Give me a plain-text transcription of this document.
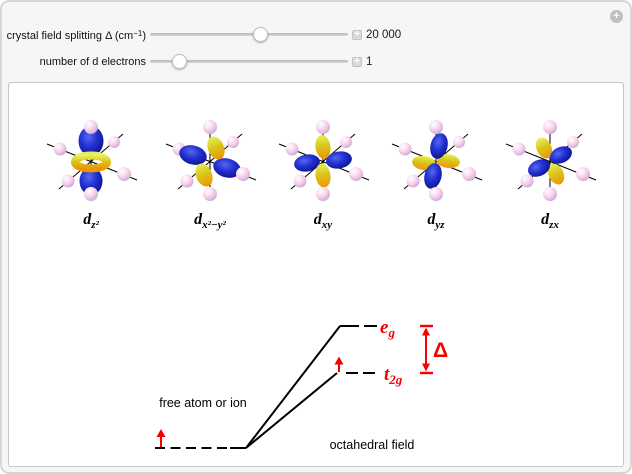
+
crystal field splitting Δ $(cm^{-1})$	+ 20 000
number of d electrons	+ 1
$d_{z^2}$	$d_{x^2-y^2}$	$d_{xy}$	$d_{yz}$	$d_{zx}$
free atom or ion
octahedral field
$e_g$
$t_{2g}$
Δ
